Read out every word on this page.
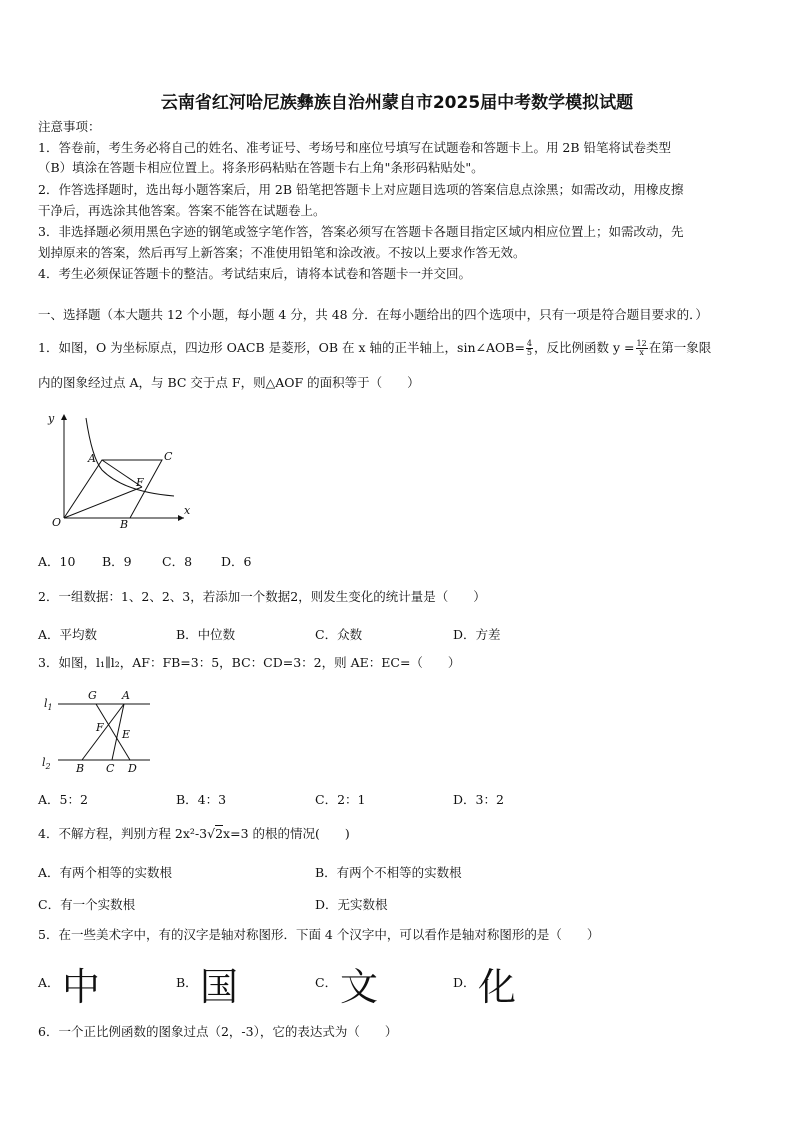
云南省红河哈尼族彝族自治州蒙自市2025届中考数学模拟试题
注意事项：
1．答卷前，考生务必将自己的姓名、准考证号、考场号和座位号填写在试题卷和答题卡上。用 2B 铅笔将试卷类型
（B）填涂在答题卡相应位置上。将条形码粘贴在答题卡右上角"条形码粘贴处"。
2．作答选择题时，选出每小题答案后，用 2B 铅笔把答题卡上对应题目选项的答案信息点涂黑；如需改动，用橡皮擦
干净后，再选涂其他答案。答案不能答在试题卷上。
3．非选择题必须用黑色字迹的钢笔或签字笔作答，答案必须写在答题卡各题目指定区域内相应位置上；如需改动，先
划掉原来的答案，然后再写上新答案；不准使用铅笔和涂改液。不按以上要求作答无效。
4．考生必须保证答题卡的整洁。考试结束后，请将本试卷和答题卡一并交回。
一、选择题（本大题共 12 个小题，每小题 4 分，共 48 分．在每小题给出的四个选项中，只有一项是符合题目要求的．）
1．如图，O 为坐标原点，四边形 OACB 是菱形，OB 在 x 轴的正半轴上，sin∠AOB= $\frac{4}{5}$ ，反比例函数 $y = \frac{12}{x}$ 在第一象限
内的图象经过点 A，与 BC 交于点 F，则△AOF 的面积等于（　　）
y
x
O
A	C
F
B
A．10 B．9 C．8 D．6
2．一组数据：1、2、2、3，若添加一个数据2，则发生变化的统计量是（　　）
A．平均数	B．中位数	C．众数	D．方差
3．如图，l₁∥l₂，AF：FB=3：5，BC：CD=3：2，则 AE：EC=（　　）
$l_1$
$l_2$
G A
F
E
B C D
A．5：2	B．4：3	C．2：1	D．3：2
4．不解方程，判别方程 2x²-3√2x=3 的根的情况(　　)
A．有两个相等的实数根	B．有两个不相等的实数根
C．有一个实数根	D．无实数根
5．在一些美术字中，有的汉字是轴对称图形．下面 4 个汉字中，可以看作是轴对称图形的是（　　）
A． 中	B． 国	C． 文	D． 化
6．一个正比例函数的图象过点（2，-3），它的表达式为（　　）
